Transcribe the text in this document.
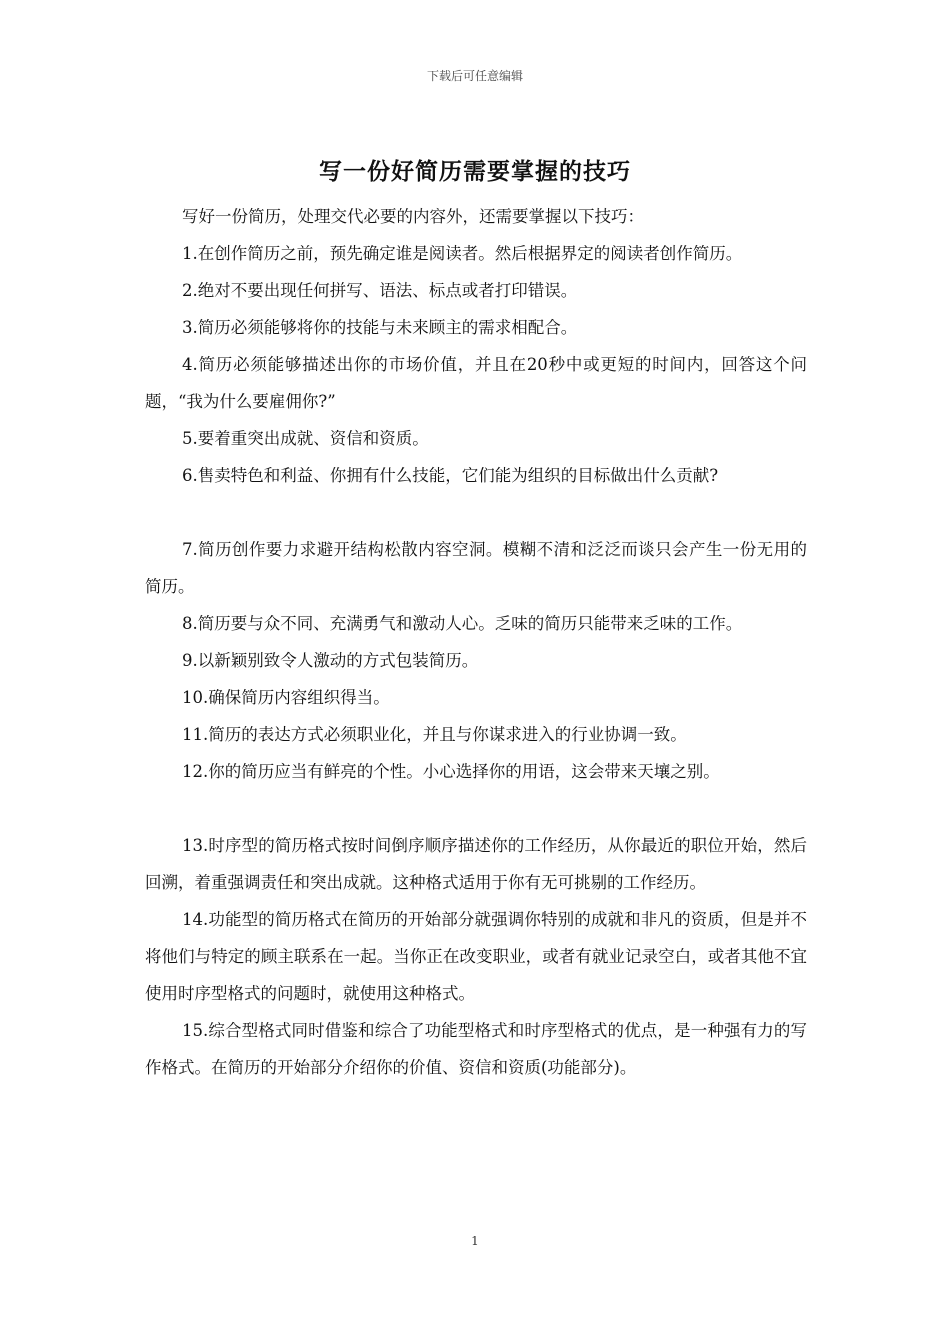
下载后可任意编辑
写一份好简历需要掌握的技巧

写好一份简历，处理交代必要的内容外，还需要掌握以下技巧：

1.在创作简历之前，预先确定谁是阅读者。然后根据界定的阅读者创作简历。

2.绝对不要出现任何拼写、语法、标点或者打印错误。

3.简历必须能够将你的技能与未来顾主的需求相配合。

4.简历必须能够描述出你的市场价值，并且在20秒中或更短的时间内，回答这个问题，“我为什么要雇佣你?”

5.要着重突出成就、资信和资质。

6.售卖特色和利益、你拥有什么技能，它们能为组织的目标做出什么贡献?

7.简历创作要力求避开结构松散内容空洞。模糊不清和泛泛而谈只会产生一份无用的简历。

8.简历要与众不同、充满勇气和激动人心。乏味的简历只能带来乏味的工作。

9.以新颖别致令人激动的方式包装简历。

10.确保简历内容组织得当。

11.简历的表达方式必须职业化，并且与你谋求进入的行业协调一致。

12.你的简历应当有鲜亮的个性。小心选择你的用语，这会带来天壤之别。

13.时序型的简历格式按时间倒序顺序描述你的工作经历，从你最近的职位开始，然后回溯，着重强调责任和突出成就。这种格式适用于你有无可挑剔的工作经历。

14.功能型的简历格式在简历的开始部分就强调你特别的成就和非凡的资质，但是并不将他们与特定的顾主联系在一起。当你正在改变职业，或者有就业记录空白，或者其他不宜使用时序型格式的问题时，就使用这种格式。

15.综合型格式同时借鉴和综合了功能型格式和时序型格式的优点，是一种强有力的写作格式。在简历的开始部分介绍你的价值、资信和资质(功能部分)。

1
